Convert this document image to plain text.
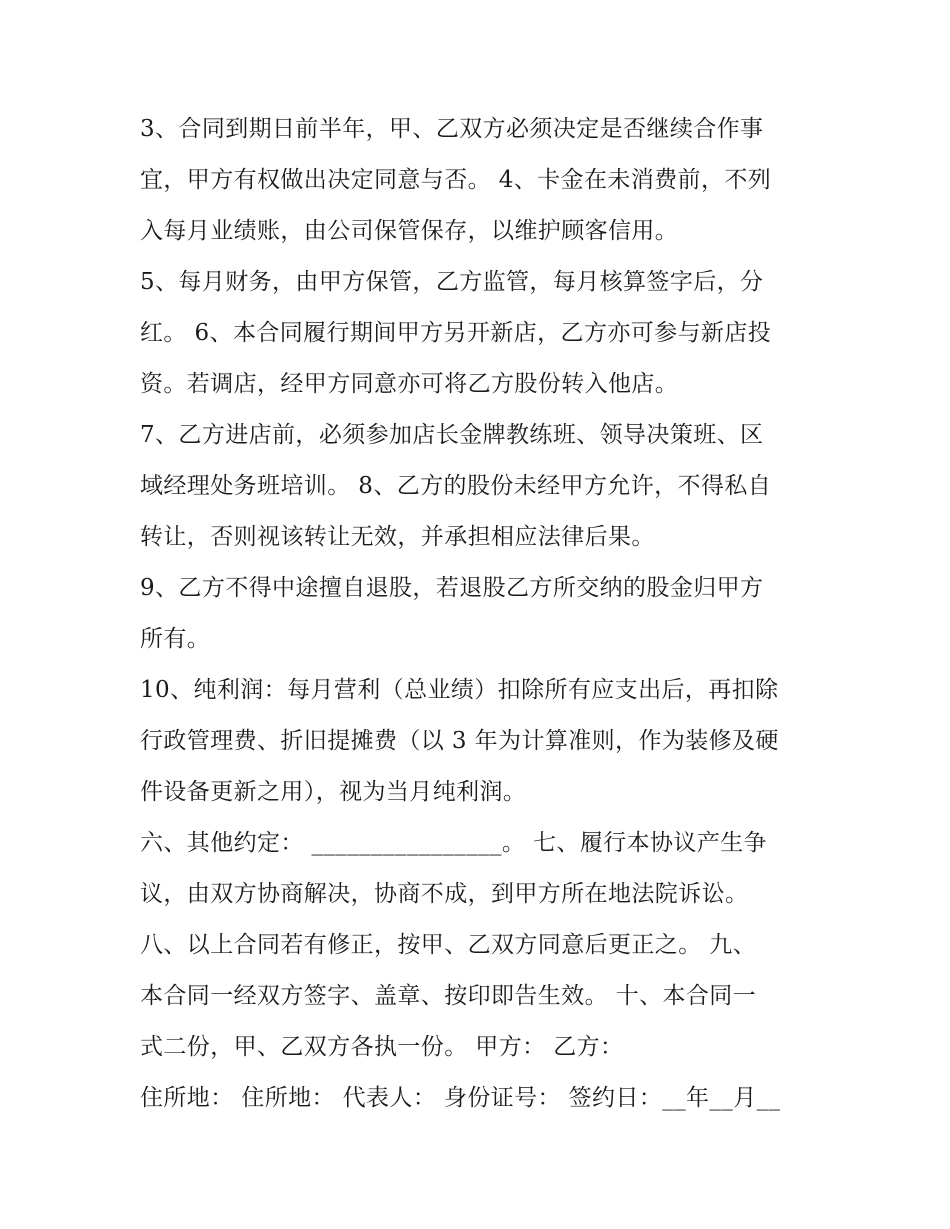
3、合同到期日前半年，甲、乙双方必须决定是否继续合作事
宜，甲方有权做出决定同意与否。 4、卡金在未消费前，不列
入每月业绩账，由公司保管保存，以维护顾客信用。
5、每月财务，由甲方保管，乙方监管，每月核算签字后，分
红。 6、本合同履行期间甲方另开新店，乙方亦可参与新店投
资。若调店，经甲方同意亦可将乙方股份转入他店。
7、乙方进店前，必须参加店长金牌教练班、领导决策班、区
域经理处务班培训。 8、乙方的股份未经甲方允许，不得私自
转让，否则视该转让无效，并承担相应法律后果。
9、乙方不得中途擅自退股，若退股乙方所交纳的股金归甲方
所有。
10、纯利润：每月营利（总业绩）扣除所有应支出后，再扣除
行政管理费、折旧提摊费（以 3 年为计算准则，作为装修及硬
件设备更新之用），视为当月纯利润。
六、其他约定： ________________。 七、履行本协议产生争
议，由双方协商解决，协商不成，到甲方所在地法院诉讼。
八、以上合同若有修正，按甲、乙双方同意后更正之。 九、
本合同一经双方签字、盖章、按印即告生效。 十、本合同一
式二份，甲、乙双方各执一份。 甲方： 乙方：
住所地： 住所地： 代表人： 身份证号： 签约日：__年__月__
